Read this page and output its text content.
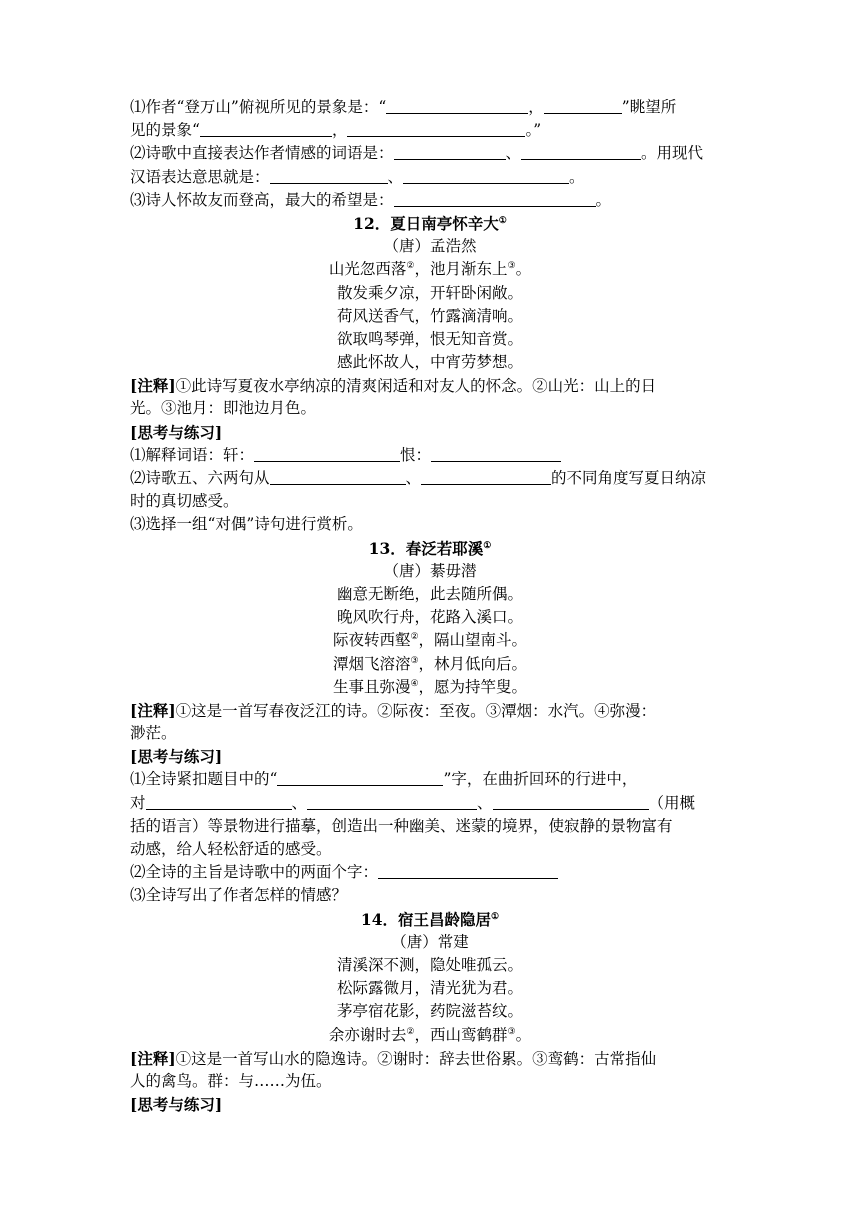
⑴作者“登万山”俯视所见的景象是：“	，	”眺望所
见的景象“	，	。”
⑵诗歌中直接表达作者情感的词语是：	、	。用现代
汉语表达意思就是：	、	。
⑶诗人怀故友而登高，最大的希望是：	。
12．夏日南亭怀辛大①
（唐）孟浩然
山光忽西落②，池月渐东上③。
散发乘夕凉，开轩卧闲敞。
荷风送香气，竹露滴清响。
欲取鸣琴弹，恨无知音赏。
感此怀故人，中宵劳梦想。
[注释]①此诗写夏夜水亭纳凉的清爽闲适和对友人的怀念。②山光：山上的日
光。③池月：即池边月色。
[思考与练习]
⑴解释词语：轩：	恨：
⑵诗歌五、六两句从	、	的不同角度写夏日纳凉
时的真切感受。
⑶选择一组“对偶”诗句进行赏析。
13．春泛若耶溪①
（唐）綦毋潜
幽意无断绝，此去随所偶。
晚风吹行舟，花路入溪口。
际夜转西壑②，隔山望南斗。
潭烟飞溶溶③，林月低向后。
生事且弥漫④，愿为持竿叟。
[注释]①这是一首写春夜泛江的诗。②际夜：至夜。③潭烟：水汽。④弥漫：
渺茫。
[思考与练习]
⑴全诗紧扣题目中的“	”字，在曲折回环的行进中，
对	、	、	（用概
括的语言）等景物进行描摹，创造出一种幽美、迷蒙的境界，使寂静的景物富有
动感，给人轻松舒适的感受。
⑵全诗的主旨是诗歌中的两面个字：
⑶全诗写出了作者怎样的情感？
14．宿王昌龄隐居①
（唐）常建
清溪深不测，隐处唯孤云。
松际露微月，清光犹为君。
茅亭宿花影，药院滋苔纹。
余亦谢时去②，西山鸾鹤群③。
[注释]①这是一首写山水的隐逸诗。②谢时：辞去世俗累。③鸾鹤：古常指仙
人的禽鸟。群：与……为伍。
[思考与练习]
